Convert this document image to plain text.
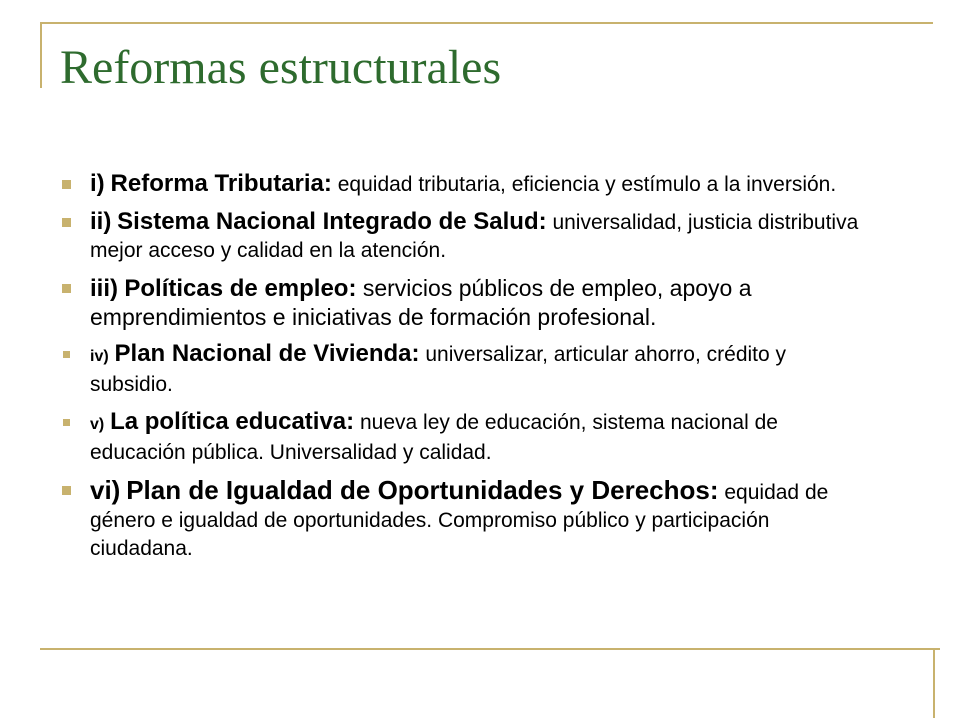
Reformas estructurales
i) Reforma Tributaria: equidad tributaria, eficiencia y estímulo a la inversión.
ii) Sistema Nacional Integrado de Salud: universalidad, justicia distributiva mejor acceso y calidad en la atención.
iii) Políticas de empleo: servicios públicos de empleo, apoyo a emprendimientos e iniciativas de formación profesional.
iv) Plan Nacional de Vivienda: universalizar, articular ahorro, crédito y subsidio.
v) La política educativa: nueva ley de educación, sistema nacional de educación pública. Universalidad y calidad.
vi) Plan de Igualdad de Oportunidades y Derechos: equidad de género e igualdad de oportunidades. Compromiso público y participación ciudadana.
